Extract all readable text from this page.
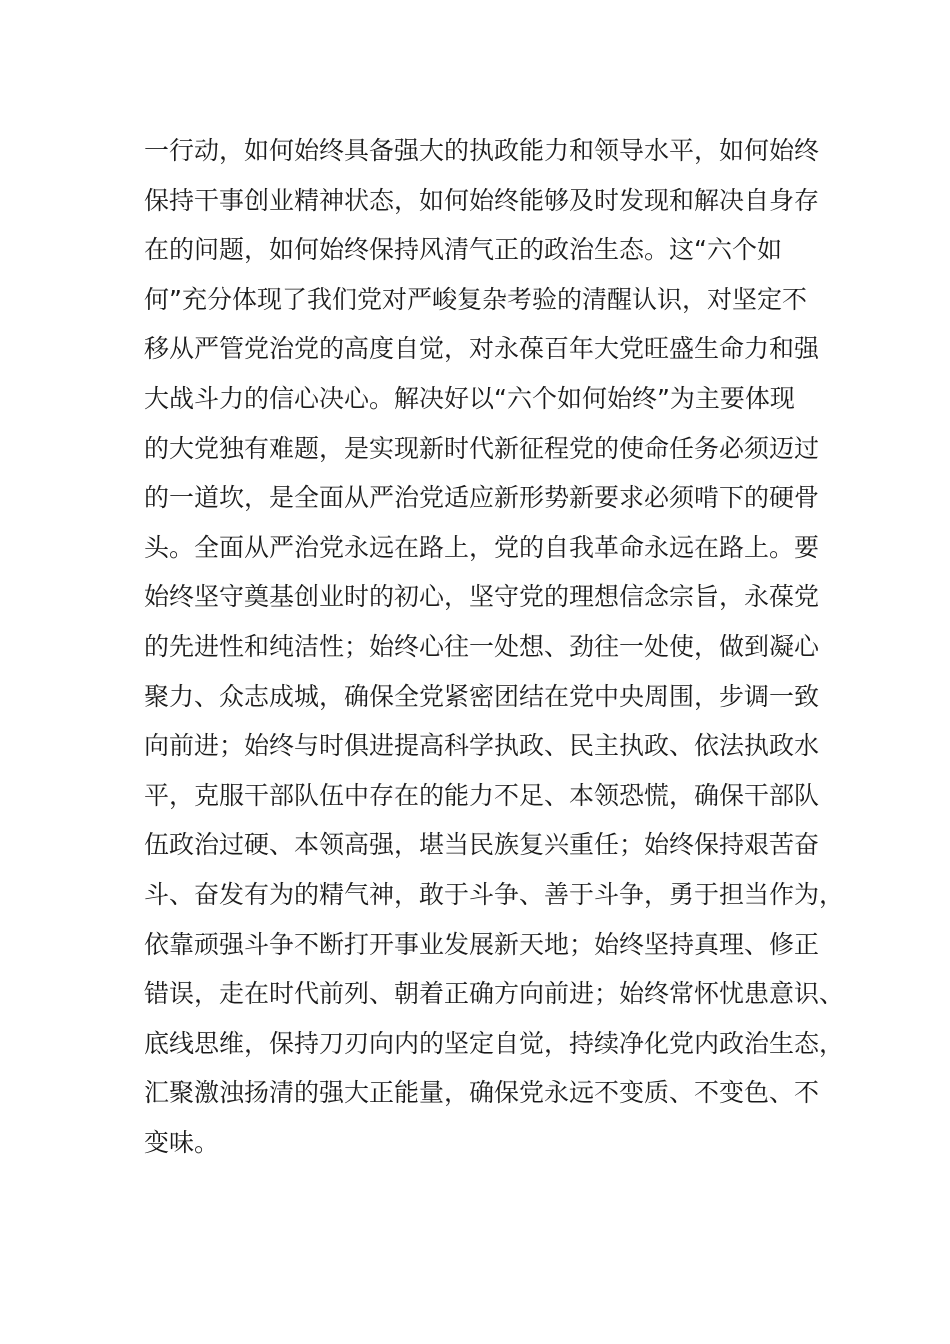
一行动，如何始终具备强大的执政能力和领导水平，如何始终
保持干事创业精神状态，如何始终能够及时发现和解决自身存
在的问题，如何始终保持风清气正的政治生态。这“六个如
何”充分体现了我们党对严峻复杂考验的清醒认识，对坚定不
移从严管党治党的高度自觉，对永葆百年大党旺盛生命力和强
大战斗力的信心决心。解决好以“六个如何始终”为主要体现
的大党独有难题，是实现新时代新征程党的使命任务必须迈过
的一道坎，是全面从严治党适应新形势新要求必须啃下的硬骨
头。全面从严治党永远在路上，党的自我革命永远在路上。要
始终坚守奠基创业时的初心，坚守党的理想信念宗旨，永葆党
的先进性和纯洁性；始终心往一处想、劲往一处使，做到凝心
聚力、众志成城，确保全党紧密团结在党中央周围，步调一致
向前进；始终与时俱进提高科学执政、民主执政、依法执政水
平，克服干部队伍中存在的能力不足、本领恐慌，确保干部队
伍政治过硬、本领高强，堪当民族复兴重任；始终保持艰苦奋
斗、奋发有为的精气神，敢于斗争、善于斗争，勇于担当作为，
依靠顽强斗争不断打开事业发展新天地；始终坚持真理、修正
错误，走在时代前列、朝着正确方向前进；始终常怀忧患意识、
底线思维，保持刀刃向内的坚定自觉，持续净化党内政治生态，
汇聚激浊扬清的强大正能量，确保党永远不变质、不变色、不
变味。
